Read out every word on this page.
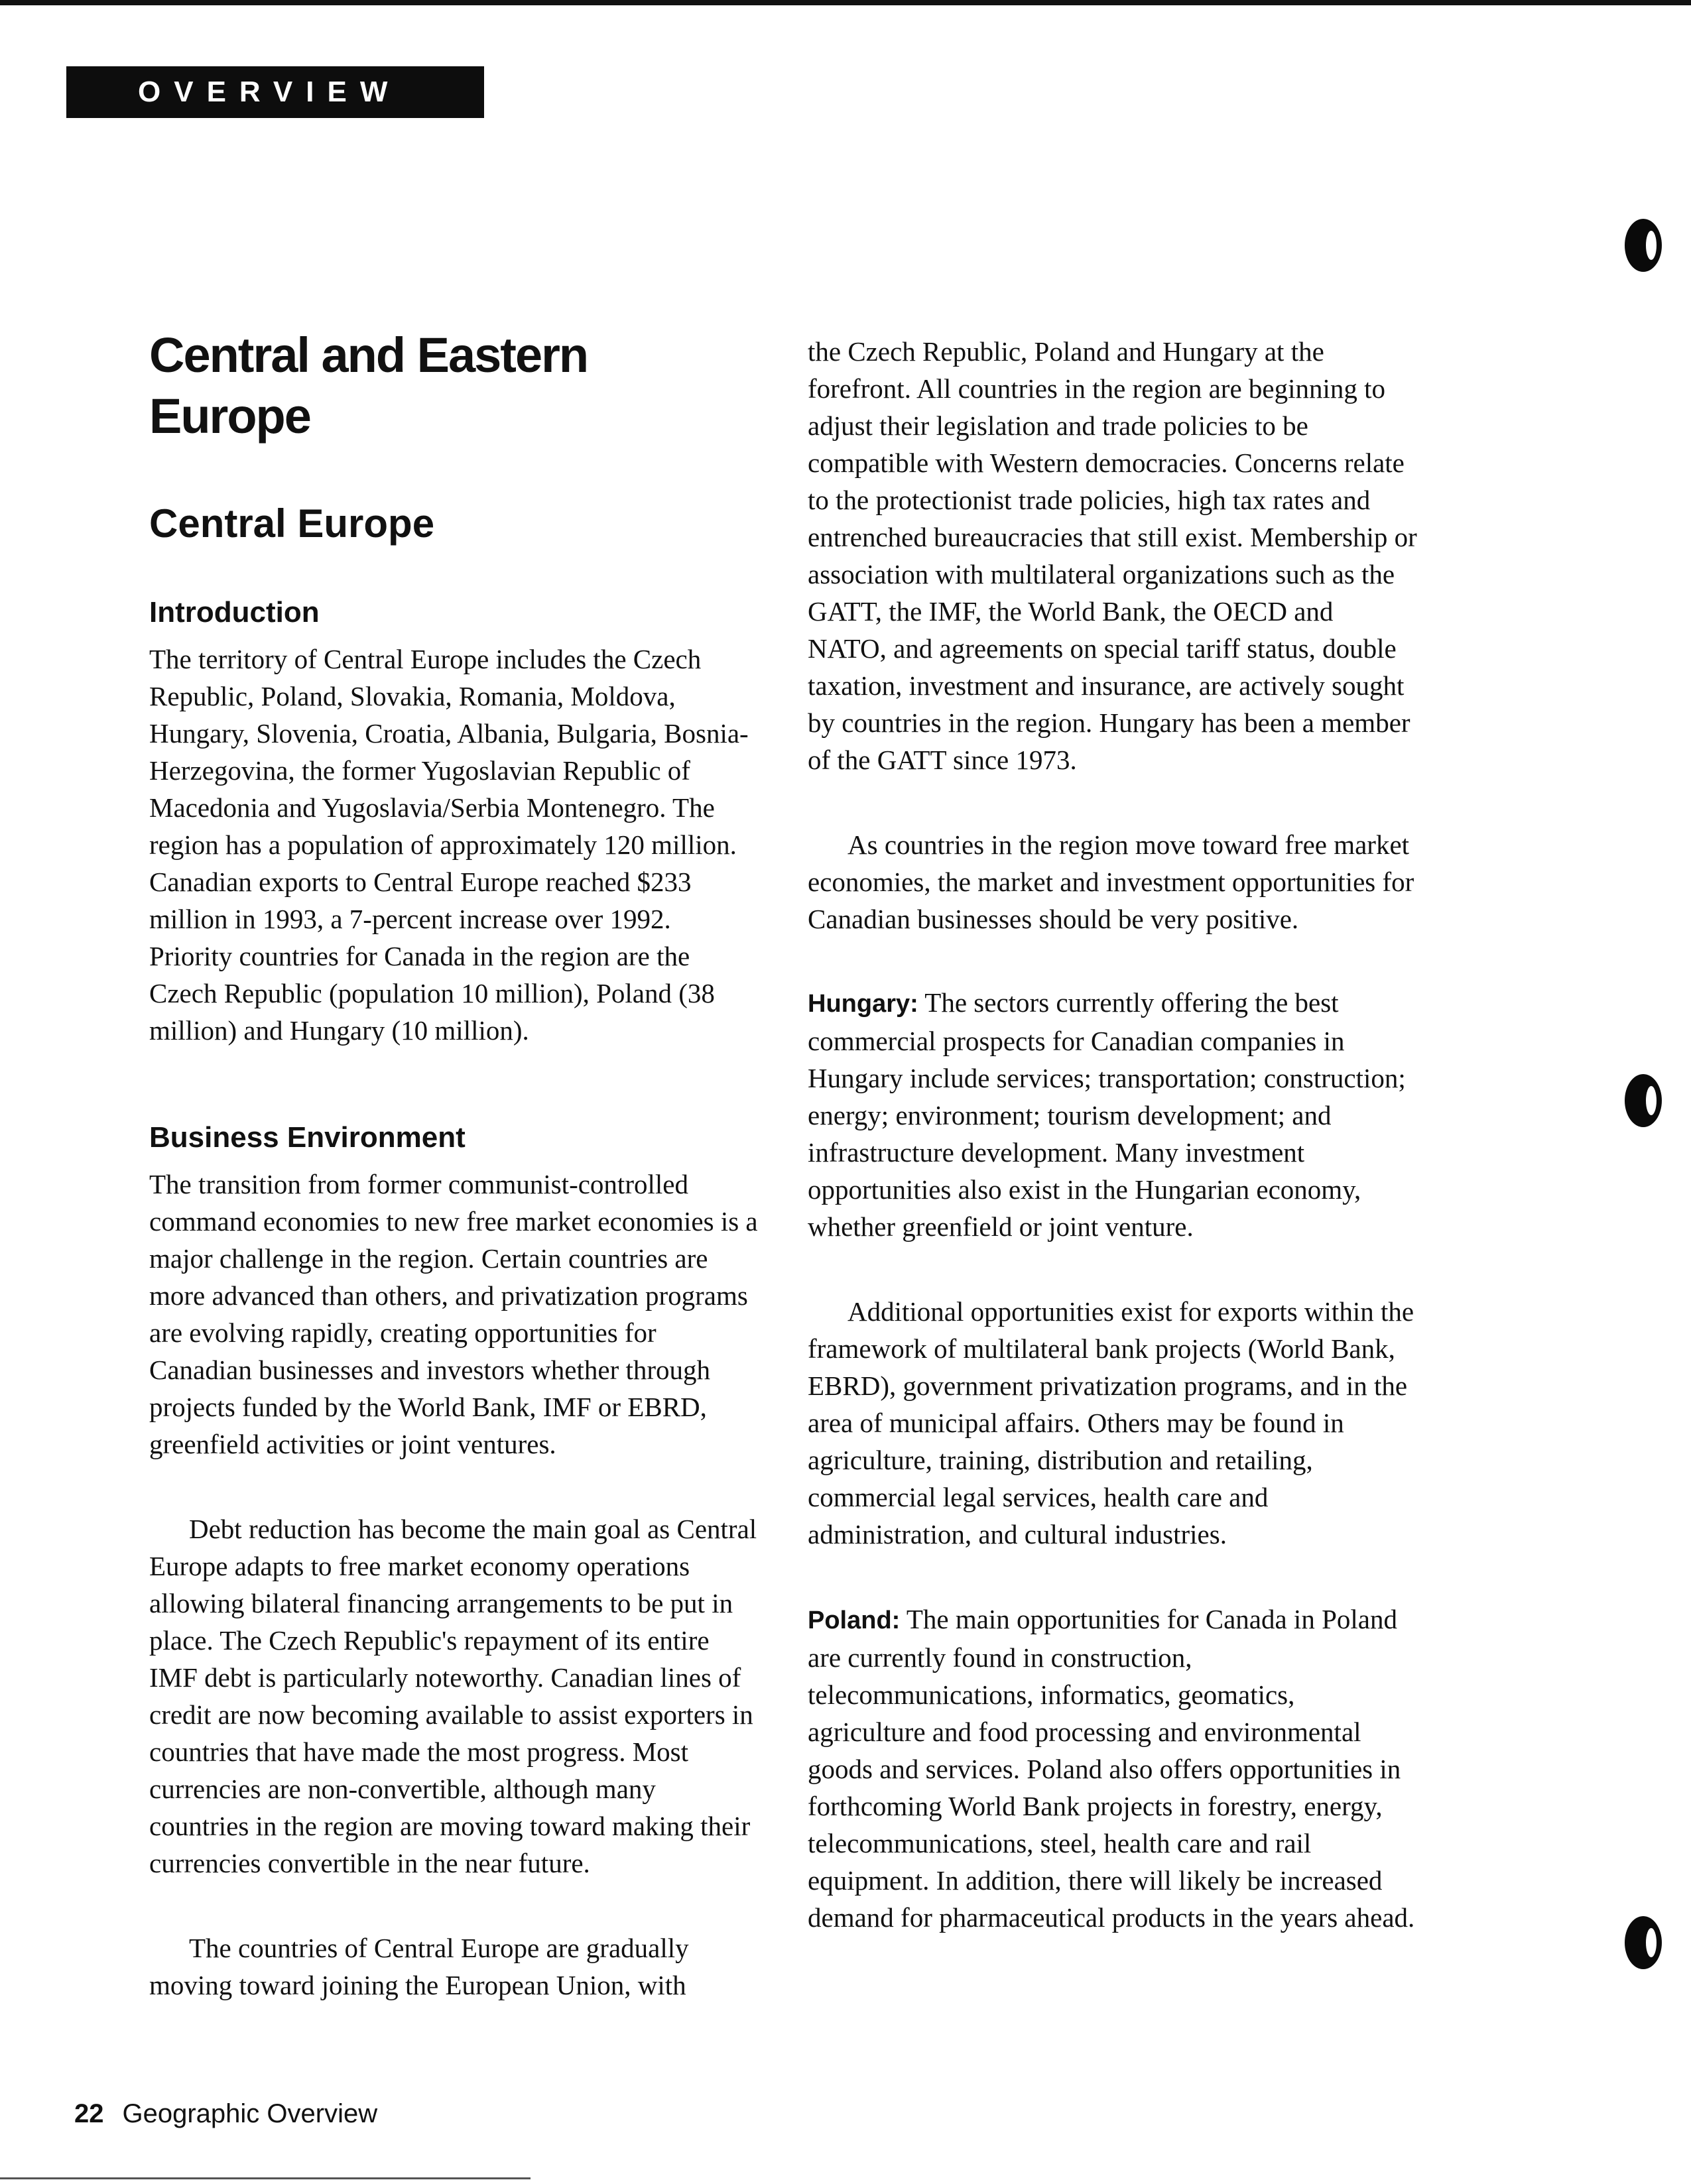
OVERVIEW
Central and Eastern Europe
Central Europe
Introduction

The territory of Central Europe includes the Czech Republic, Poland, Slovakia, Romania, Moldova, Hungary, Slovenia, Croatia, Albania, Bulgaria, Bosnia-Herzegovina, the former Yugoslavian Republic of Macedonia and Yugoslavia/Serbia Montenegro. The region has a population of approximately 120 million. Canadian exports to Central Europe reached $233 million in 1993, a 7-percent increase over 1992. Priority countries for Canada in the region are the Czech Republic (population 10 million), Poland (38 million) and Hungary (10 million).

Business Environment

The transition from former communist-controlled command economies to new free market economies is a major challenge in the region. Certain countries are more advanced than others, and privatization programs are evolving rapidly, creating opportunities for Canadian businesses and investors whether through projects funded by the World Bank, IMF or EBRD, greenfield activities or joint ventures.

Debt reduction has become the main goal as Central Europe adapts to free market economy operations allowing bilateral financing arrangements to be put in place. The Czech Republic's repayment of its entire IMF debt is particularly noteworthy. Canadian lines of credit are now becoming available to assist exporters in countries that have made the most progress. Most currencies are non-convertible, although many countries in the region are moving toward making their currencies convertible in the near future.

The countries of Central Europe are gradually moving toward joining the European Union, with

the Czech Republic, Poland and Hungary at the forefront. All countries in the region are beginning to adjust their legislation and trade policies to be compatible with Western democracies. Concerns relate to the protectionist trade policies, high tax rates and entrenched bureaucracies that still exist. Membership or association with multilateral organizations such as the GATT, the IMF, the World Bank, the OECD and NATO, and agreements on special tariff status, double taxation, investment and insurance, are actively sought by countries in the region. Hungary has been a member of the GATT since 1973.

As countries in the region move toward free market economies, the market and investment opportunities for Canadian businesses should be very positive.

Hungary: The sectors currently offering the best commercial prospects for Canadian companies in Hungary include services; transportation; construction; energy; environment; tourism development; and infrastructure development. Many investment opportunities also exist in the Hungarian economy, whether greenfield or joint venture.

Additional opportunities exist for exports within the framework of multilateral bank projects (World Bank, EBRD), government privatization programs, and in the area of municipal affairs. Others may be found in agriculture, training, distribution and retailing, commercial legal services, health care and administration, and cultural industries.

Poland: The main opportunities for Canada in Poland are currently found in construction, telecommunications, informatics, geomatics, agriculture and food processing and environmental goods and services. Poland also offers opportunities in forthcoming World Bank projects in forestry, energy, telecommunications, steel, health care and rail equipment. In addition, there will likely be increased demand for pharmaceutical products in the years ahead.

22 Geographic Overview
